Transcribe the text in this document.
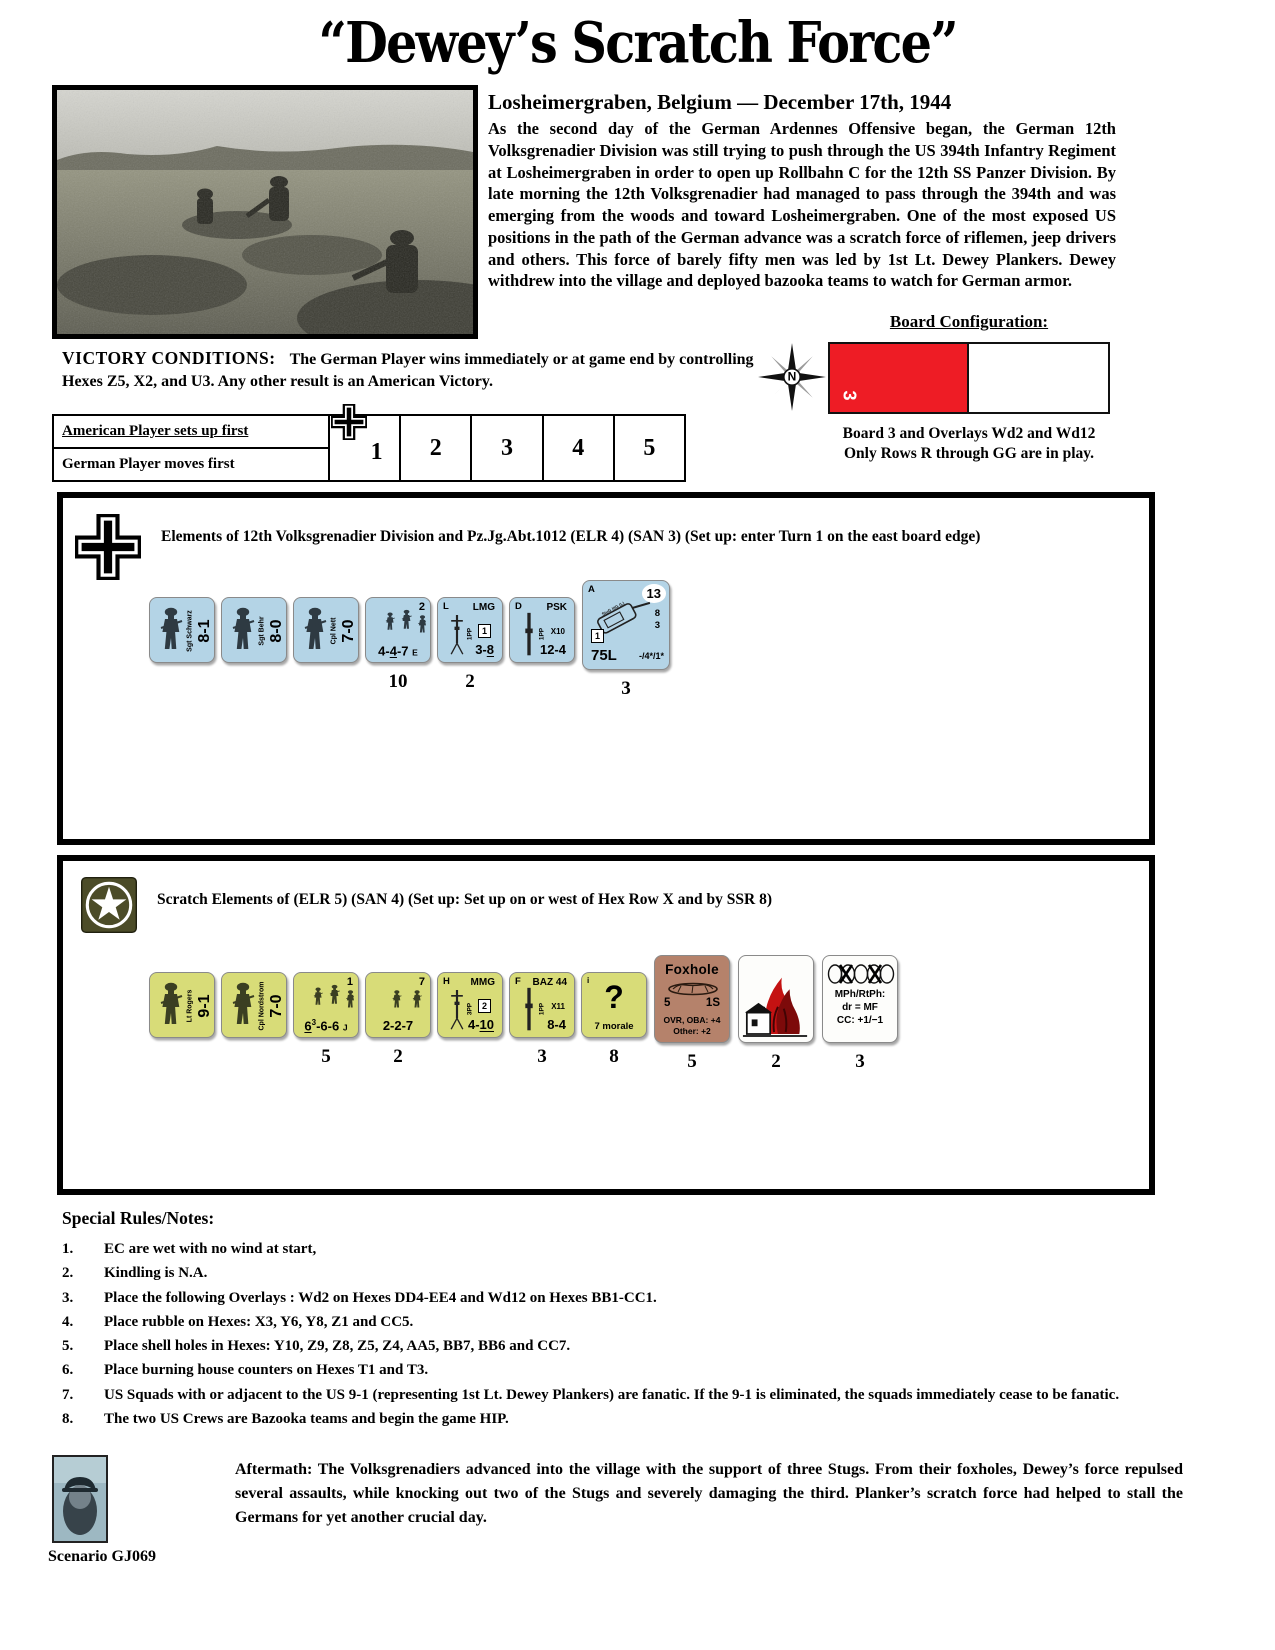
“Dewey’s Scratch Force”
Losheimergraben, Belgium — December 17th, 1944
As the second day of the German Ardennes Offensive began, the German 12th Volksgrenadier Division was still trying to push through the US 394th Infantry Regiment at Losheimergraben in order to open up Rollbahn C for the 12th SS Panzer Division. By late morning the 12th Volksgrenadier had managed to pass through the 394th and was emerging from the woods and toward Losheimergraben. One of the most exposed US positions in the path of the German advance was a scratch force of riflemen, jeep drivers and others. This force of barely fifty men was led by 1st Lt. Dewey Plankers. Dewey withdrew into the village and deployed bazooka teams to watch for German armor.
VICTORY CONDITIONS: The German Player wins immediately or at game end by controlling Hexes Z5, X2, and U3. Any other result is an American Victory.	N
Board Configuration:
3
Board 3 and Overlays Wd2 and Wd12
Only Rows R through GG are in play.
American Player sets up first
German Player moves first	1 2 3 4 5
Elements of 12th Volksgrenadier Division and Pz.Jg.Abt.1012 (ELR 4) (SAN 3) (Set up: enter Turn 1 on the east board edge)
Sgt Schwarz 8-1	Sgt Behr 8-0	Cpl Nett 7-0
2
4-4-7 E
10
L LMG
1PP 1
3-8
2
D PSK
1PP X10
12-4
A	13
8
3
StuG IIIG (L)
1
75L -/4*/1*
3
Scratch Elements of (ELR 5) (SAN 4) (Set up: Set up on or west of Hex Row X and by SSR 8)
Lt Rogers 9-1	Cpl Nordstrom 7-0
1
$6^3-6-6$ J
5
7
2-2-7
2
H MMG
3PP 2
4-10
F BAZ 44
1PP X11
8-4
3
i ?
7 morale
8
Foxhole
5	1S
OVR, OBA: +4
Other: +2
5	2
MPh/RtPh:
dr = MF
CC: +1/−1
3
Special Rules/Notes:
1.	EC are wet with no wind at start,
2.	Kindling is N.A.
3.	Place the following Overlays : Wd2 on Hexes DD4-EE4 and Wd12 on Hexes BB1-CC1.
4.	Place rubble on Hexes: X3, Y6, Y8, Z1 and CC5.
5.	Place shell holes in Hexes: Y10, Z9, Z8, Z5, Z4, AA5, BB7, BB6 and CC7.
6.	Place burning house counters on Hexes T1 and T3.
7.	US Squads with or adjacent to the US 9-1 (representing 1st Lt. Dewey Plankers) are fanatic. If the 9-1 is eliminated, the squads immediately cease to be fanatic.
8.	The two US Crews are Bazooka teams and begin the game HIP.
Scenario GJ069
Aftermath: The Volksgrenadiers advanced into the village with the support of three Stugs. From their foxholes, Dewey’s force repulsed several assaults, while knocking out two of the Stugs and severely damaging the third. Planker’s scratch force had helped to stall the Germans for yet another crucial day.
